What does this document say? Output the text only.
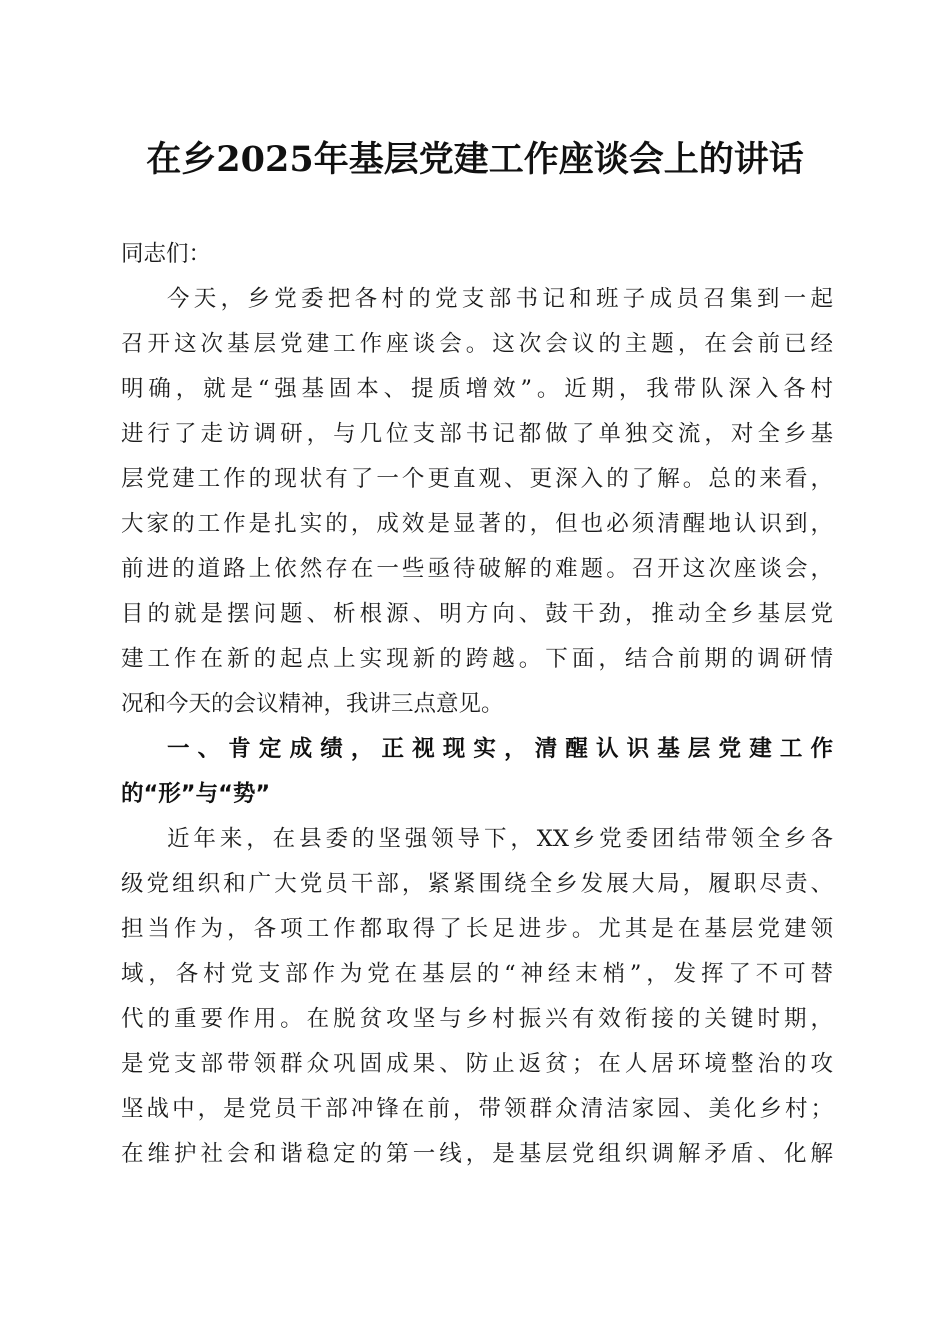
在乡2025年基层党建工作座谈会上的讲话

同志们：

今天，乡党委把各村的党支部书记和班子成员召集到一起

召开这次基层党建工作座谈会。这次会议的主题，在会前已经

明确，就是“强基固本、提质增效”。近期，我带队深入各村

进行了走访调研，与几位支部书记都做了单独交流，对全乡基

层党建工作的现状有了一个更直观、更深入的了解。总的来看，

大家的工作是扎实的，成效是显著的，但也必须清醒地认识到，

前进的道路上依然存在一些亟待破解的难题。召开这次座谈会，

目的就是摆问题、析根源、明方向、鼓干劲，推动全乡基层党

建工作在新的起点上实现新的跨越。下面，结合前期的调研情

况和今天的会议精神，我讲三点意见。

一、肯定成绩，正视现实，清醒认识基层党建工作

的“形”与“势”

近年来，在县委的坚强领导下，XX乡党委团结带领全乡各

级党组织和广大党员干部，紧紧围绕全乡发展大局，履职尽责、

担当作为，各项工作都取得了长足进步。尤其是在基层党建领

域，各村党支部作为党在基层的“神经末梢”，发挥了不可替

代的重要作用。在脱贫攻坚与乡村振兴有效衔接的关键时期，

是党支部带领群众巩固成果、防止返贫；在人居环境整治的攻

坚战中，是党员干部冲锋在前，带领群众清洁家园、美化乡村；

在维护社会和谐稳定的第一线，是基层党组织调解矛盾、化解
